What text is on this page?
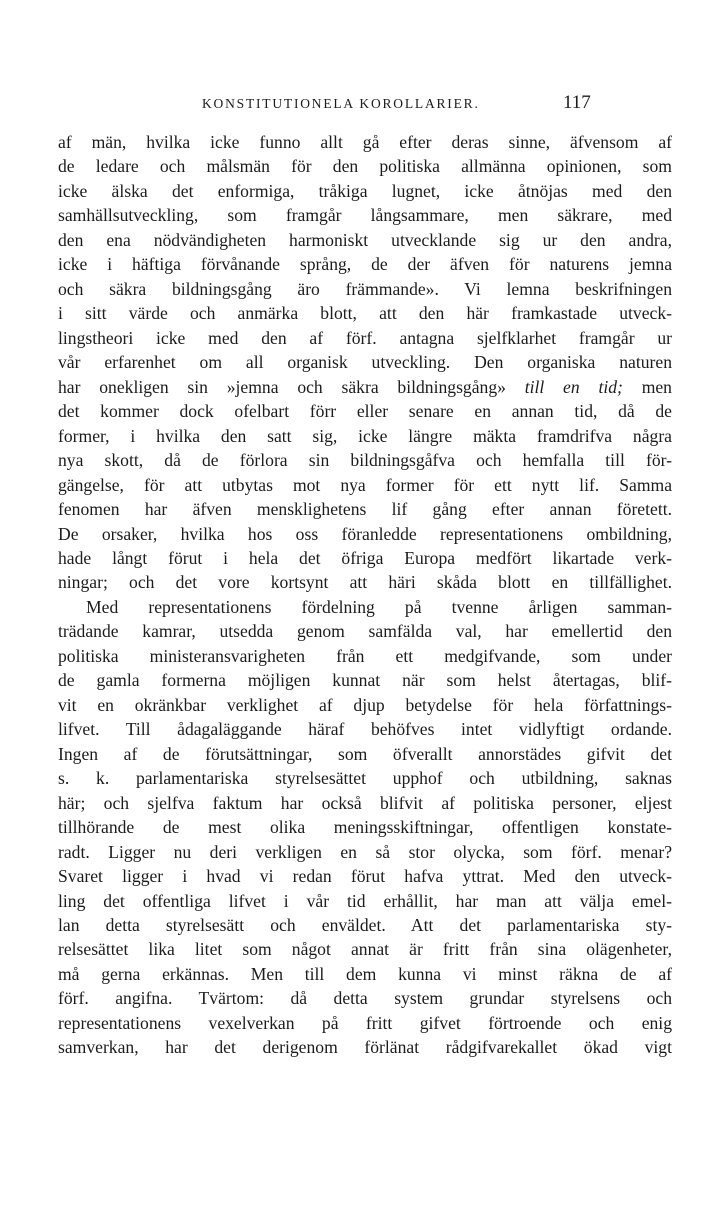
KONSTITUTIONELA KOROLLARIER.	117
af män, hvilka icke funno allt gå efter deras sinne, äfvensom af
de ledare och målsmän för den politiska allmänna opinionen, som
icke älska det enformiga, tråkiga lugnet, icke åtnöjas med den
samhällsutveckling, som framgår långsammare, men säkrare, med
den ena nödvändigheten harmoniskt utvecklande sig ur den andra,
icke i häftiga förvånande språng, de der äfven för naturens jemna
och säkra bildningsgång äro främmande». Vi lemna beskrifningen
i sitt värde och anmärka blott, att den här framkastade utveck-
lingstheori icke med den af förf. antagna sjelfklarhet framgår ur
vår erfarenhet om all organisk utveckling. Den organiska naturen
har onekligen sin »jemna och säkra bildningsgång» till en tid; men
det kommer dock ofelbart förr eller senare en annan tid, då de
former, i hvilka den satt sig, icke längre mäkta framdrifva några
nya skott, då de förlora sin bildningsgåfva och hemfalla till för-
gängelse, för att utbytas mot nya former för ett nytt lif. Samma
fenomen har äfven mensklighetens lif gång efter annan företett.
De orsaker, hvilka hos oss föranledde representationens ombildning,
hade långt förut i hela det öfriga Europa medfört likartade verk-
ningar; och det vore kortsynt att häri skåda blott en tillfällighet.
Med representationens fördelning på tvenne årligen samman-
trädande kamrar, utsedda genom samfälda val, har emellertid den
politiska ministeransvarigheten från ett medgifvande, som under
de gamla formerna möjligen kunnat när som helst återtagas, blif-
vit en okränkbar verklighet af djup betydelse för hela författnings-
lifvet. Till ådagaläggande häraf behöfves intet vidlyftigt ordande.
Ingen af de förutsättningar, som öfverallt annorstädes gifvit det
s. k. parlamentariska styrelsesättet upphof och utbildning, saknas
här; och sjelfva faktum har också blifvit af politiska personer, eljest
tillhörande de mest olika meningsskiftningar, offentligen konstate-
radt. Ligger nu deri verkligen en så stor olycka, som förf. menar?
Svaret ligger i hvad vi redan förut hafva yttrat. Med den utveck-
ling det offentliga lifvet i vår tid erhållit, har man att välja emel-
lan detta styrelsesätt och enväldet. Att det parlamentariska sty-
relsesättet lika litet som något annat är fritt från sina olägenheter,
må gerna erkännas. Men till dem kunna vi minst räkna de af
förf. angifna. Tvärtom: då detta system grundar styrelsens och
representationens vexelverkan på fritt gifvet förtroende och enig
samverkan, har det derigenom förlänat rådgifvarekallet ökad vigt
